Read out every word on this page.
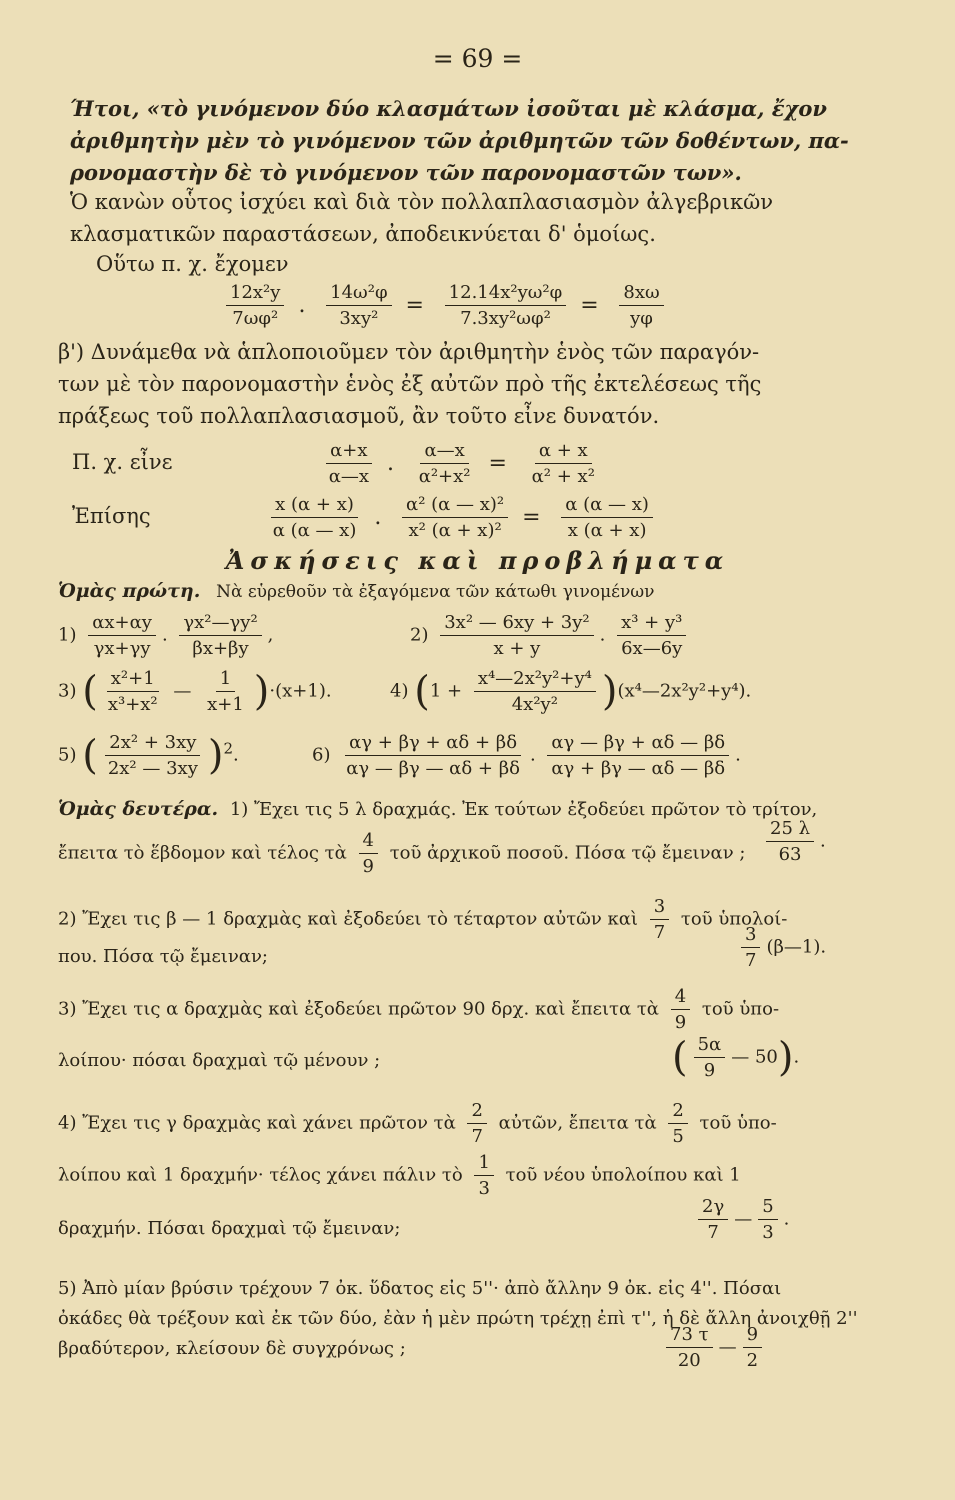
= 69 =
Ήτοι, «τὸ γινόμενον δύο κλασμάτων ἰσοῦται μὲ κλάσμα, ἔχον
ἀριθμητὴν μὲν τὸ γινόμενον τῶν ἀριθμητῶν τῶν δοθέντων, πα-
ρονομαστὴν δὲ τὸ γινόμενον τῶν παρονομαστῶν των».
Ὁ κανὼν οὗτος ἰσχύει καὶ διὰ τὸν πολλαπλασιασμὸν ἀλγεβρικῶν
κλασματικῶν παραστάσεων, ἀποδεικνύεται δ' ὁμοίως.
Οὕτω π. χ. ἔχομεν
$\frac{\text{12x²y}}{\text{7ωφ²}}$ . $\frac{\text{14ω²φ}}{\text{3xy²}} = \frac{\text{12.14x²yω²φ}}{\text{7.3xy²ωφ²}} = \frac{8x\omega}{y\varphi}$
β') Δυνάμεθα νὰ ἁπλοποιοῦμεν τὸν ἀριθμητὴν ἑνὸς τῶν παραγόν-
των μὲ τὸν παρονομαστὴν ἑνὸς ἐξ αὐτῶν πρὸ τῆς ἐκτελέσεως τῆς
πράξεως τοῦ πολλαπλασιασμοῦ, ἂν τοῦτο εἶνε δυνατόν.
Π. χ. εἶνε	$\frac{\alpha+x}{\alpha—x}$ . $\frac{\alpha—x}{\text{α²+x²}} = \frac{\alpha + x}{\text{α² + x²}}$
Ἐπίσης	$\frac{x (\alpha + x)}{\alpha (\alpha — x)}$ . $\frac{\text{α² (α — x)²}}{\text{x² (α + x)²}} = \frac{\alpha (\alpha — x)}{x (\alpha + x)}$
Ἀσκήσεις καὶ προβλήματα
Ὁμὰς πρώτη. Νὰ εὑρεθοῦν τὰ ἐξαγόμενα τῶν κάτωθι γινομένων
$1) \frac{\alpha x+\alpha y}{\gamma x+\gamma y}$ . $\frac{\text{γx²—γy²}}{\beta x+\beta y}$ ,	$2) \frac{\text{3x² — 6xy + 3y²}}{x + y}$ . $\frac{\text{x³ + y³}}{6x—6y}$
3) ( $\frac{\text{x²+1}}{\text{x³+x²}}$ — $\frac{1}{x+1} )\cdot(x+1)$.	4) ($1 + \frac{\text{x⁴—2x²y²+y⁴}}{\text{4x²y²}}$ )(x⁴—2x²y²+y⁴).
5) ( $\frac{\text{2x² + 3xy}}{\text{2x² — 3xy}} )^2$.	$6) \frac{\alpha\gamma + \beta\gamma + \alpha\delta + \beta\delta}{\alpha\gamma — \beta\gamma — \alpha\delta + \beta\delta}$ . $\frac{\alpha\gamma — \beta\gamma + \alpha\delta — \beta\delta}{\alpha\gamma + \beta\gamma — \alpha\delta — \beta\delta}$ .
Ὁμὰς δευτέρα. 1) Ἔχει τις 5 λ δραχμάς. Ἐκ τούτων ἐξοδεύει πρῶτον τὸ τρίτον,
ἔπειτα τὸ ἕβδομον καὶ τέλος τὰ $\frac{4}{9}$ τοῦ ἀρχικοῦ ποσοῦ. Πόσα τῷ ἔμειναν ; $\frac{25 \lambda}{63}$ .
2) Ἔχει τις β — 1 δραχμὰς καὶ ἐξοδεύει τὸ τέταρτον αὐτῶν καὶ $\frac{3}{7}$ τοῦ ὑπολοί-
που. Πόσα τῷ ἔμειναν;	$\frac{3}{7}$ (β—1).
3) Ἔχει τις α δραχμὰς καὶ ἐξοδεύει πρῶτον 90 δρχ. καὶ ἔπειτα τὰ $\frac{4}{9}$ τοῦ ὑπο-
λοίπου· πόσαι δραχμαὶ τῷ μένουν ;	( $\frac{5\alpha}{9}$ — 50).
4) Ἔχει τις γ δραχμὰς καὶ χάνει πρῶτον τὰ $\frac{2}{7}$ αὐτῶν, ἔπειτα τὰ $\frac{2}{5}$ τοῦ ὑπο-
λοίπου καὶ 1 δραχμήν· τέλος χάνει πάλιν τὸ $\frac{1}{3}$ τοῦ νέου ὑπολοίπου καὶ 1
δραχμήν. Πόσαι δραχμαὶ τῷ ἔμειναν;	$\frac{2\gamma}{7}$ — $\frac{5}{3}$ .
5) Ἀπὸ μίαν βρύσιν τρέχουν 7 ὀκ. ὕδατος εἰς 5''· ἀπὸ ἄλλην 9 ὀκ. εἰς 4''. Πόσαι
ὀκάδες θὰ τρέξουν καὶ ἐκ τῶν δύο, ἐὰν ἡ μὲν πρώτη τρέχῃ ἐπὶ τ'', ἡ δὲ ἄλλη ἀνοιχθῇ 2''
βραδύτερον, κλείσουν δὲ συγχρόνως ;	$\frac{73 \tau}{20}$ — $\frac{9}{2}$
